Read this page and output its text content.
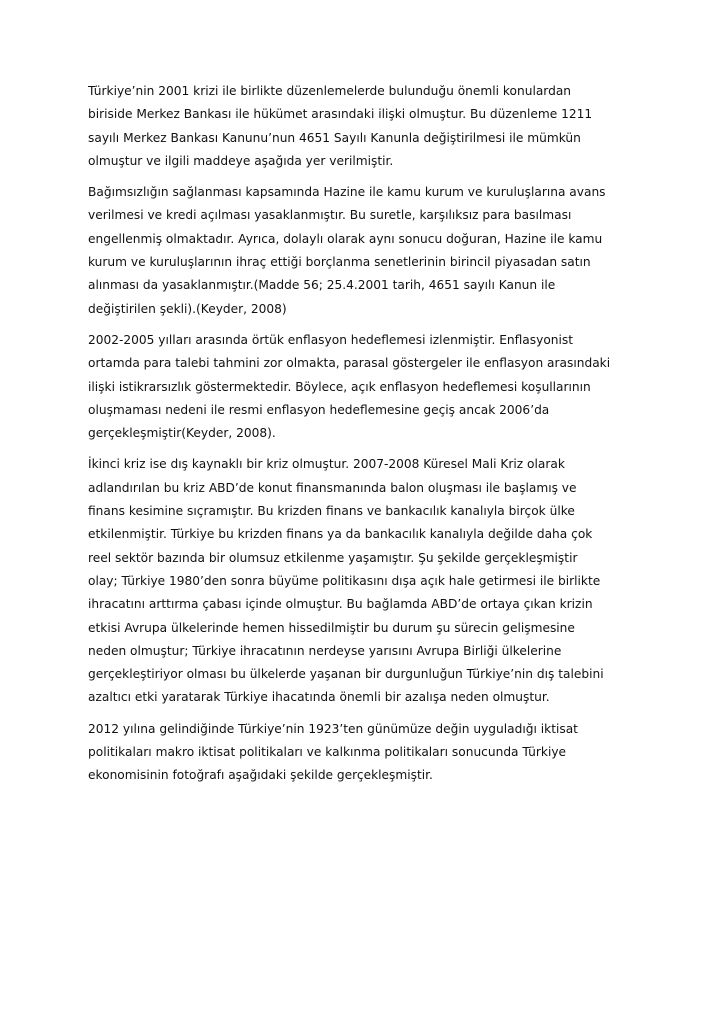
Türkiye’nin 2001 krizi ile birlikte düzenlemelerde bulunduğu önemli konulardan
biriside Merkez Bankası ile hükümet arasındaki ilişki olmuştur. Bu düzenleme 1211
sayılı Merkez Bankası Kanunu’nun 4651 Sayılı Kanunla değiştirilmesi ile mümkün
olmuştur ve ilgili maddeye aşağıda yer verilmiştir.

Bağımsızlığın sağlanması kapsamında Hazine ile kamu kurum ve kuruluşlarına avans
verilmesi ve kredi açılması yasaklanmıştır. Bu suretle, karşılıksız para basılması
engellenmiş olmaktadır. Ayrıca, dolaylı olarak aynı sonucu doğuran, Hazine ile kamu
kurum ve kuruluşlarının ihraç ettiği borçlanma senetlerinin birincil piyasadan satın
alınması da yasaklanmıştır.(Madde 56; 25.4.2001 tarih, 4651 sayılı Kanun ile
değiştirilen şekli).(Keyder, 2008)

2002-2005 yılları arasında örtük enflasyon hedeflemesi izlenmiştir. Enflasyonist
ortamda para talebi tahmini zor olmakta, parasal göstergeler ile enflasyon arasındaki
ilişki istikrarsızlık göstermektedir. Böylece, açık enflasyon hedeflemesi koşullarının
oluşmaması nedeni ile resmi enflasyon hedeflemesine geçiş ancak 2006’da
gerçekleşmiştir(Keyder, 2008).

İkinci kriz ise dış kaynaklı bir kriz olmuştur. 2007-2008 Küresel Mali Kriz olarak
adlandırılan bu kriz ABD’de konut finansmanında balon oluşması ile başlamış ve
finans kesimine sıçramıştır. Bu krizden finans ve bankacılık kanalıyla birçok ülke
etkilenmiştir. Türkiye bu krizden finans ya da bankacılık kanalıyla değilde daha çok
reel sektör bazında bir olumsuz etkilenme yaşamıştır. Şu şekilde gerçekleşmiştir
olay; Türkiye 1980’den sonra büyüme politikasını dışa açık hale getirmesi ile birlikte
ihracatını arttırma çabası içinde olmuştur. Bu bağlamda ABD’de ortaya çıkan krizin
etkisi Avrupa ülkelerinde hemen hissedilmiştir bu durum şu sürecin gelişmesine
neden olmuştur; Türkiye ihracatının nerdeyse yarısını Avrupa Birliği ülkelerine
gerçekleştiriyor olması bu ülkelerde yaşanan bir durgunluğun Türkiye’nin dış talebini
azaltıcı etki yaratarak Türkiye ihacatında önemli bir azalışa neden olmuştur.

2012 yılına gelindiğinde Türkiye’nin 1923’ten günümüze değin uyguladığı iktisat
politikaları makro iktisat politikaları ve kalkınma politikaları sonucunda Türkiye
ekonomisinin fotoğrafı aşağıdaki şekilde gerçekleşmiştir.
